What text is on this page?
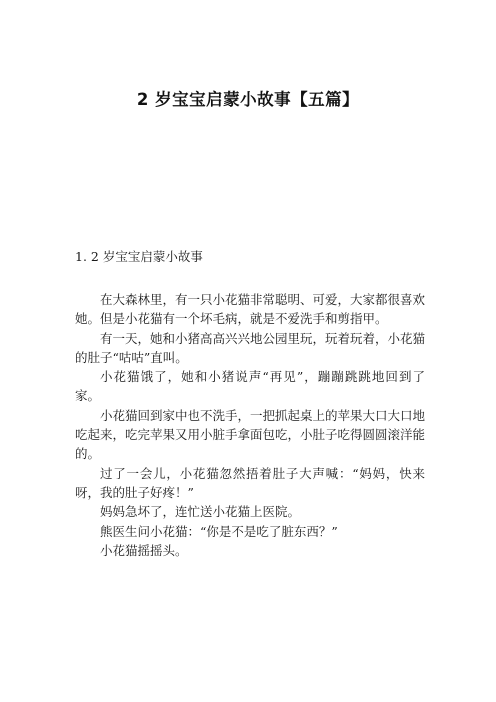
2 岁宝宝启蒙小故事【五篇】
1. 2 岁宝宝启蒙小故事

在大森林里，有一只小花猫非常聪明、可爱，大家都很喜欢她。但是小花猫有一个坏毛病，就是不爱洗手和剪指甲。

有一天，她和小猪高高兴兴地公园里玩，玩着玩着，小花猫的肚子“咕咕”直叫。

小花猫饿了，她和小猪说声“再见”，蹦蹦跳跳地回到了家。

小花猫回到家中也不洗手，一把抓起桌上的苹果大口大口地吃起来，吃完苹果又用小脏手拿面包吃，小肚子吃得圆圆滚洋能的。

过了一会儿，小花猫忽然捂着肚子大声喊：“妈妈，快来呀，我的肚子好疼！”

妈妈急坏了，连忙送小花猫上医院。

熊医生问小花猫：“你是不是吃了脏东西？”

小花猫摇摇头。
